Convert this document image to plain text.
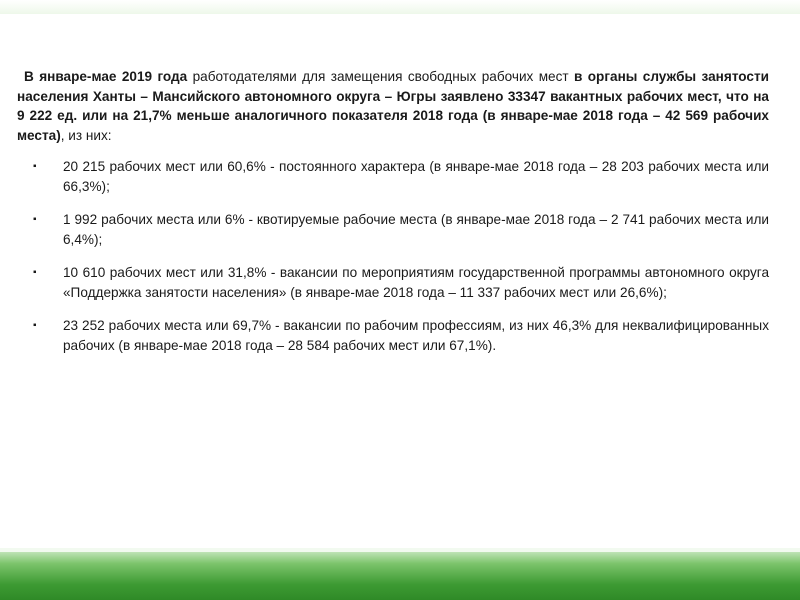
В январе-мае 2019 года работодателями для замещения свободных рабочих мест в органы службы занятости населения Ханты – Мансийского автономного округа – Югры заявлено 33347 вакантных рабочих мест, что на 9 222 ед. или на 21,7% меньше аналогичного показателя 2018 года (в январе-мае 2018 года – 42 569 рабочих места), из них:

▪ 20 215 рабочих мест или 60,6% - постоянного характера (в январе-мае 2018 года – 28 203 рабочих места или 66,3%);
▪ 1 992 рабочих места или 6% - квотируемые рабочие места (в январе-мае 2018 года – 2 741 рабочих места или 6,4%);
▪ 10 610 рабочих мест или 31,8% - вакансии по мероприятиям государственной программы автономного округа «Поддержка занятости населения» (в январе-мае 2018 года – 11 337 рабочих мест или 26,6%);
▪ 23 252 рабочих места или 69,7% - вакансии по рабочим профессиям, из них 46,3% для неквалифицированных рабочих (в январе-мае 2018 года – 28 584 рабочих мест или 67,1%).
